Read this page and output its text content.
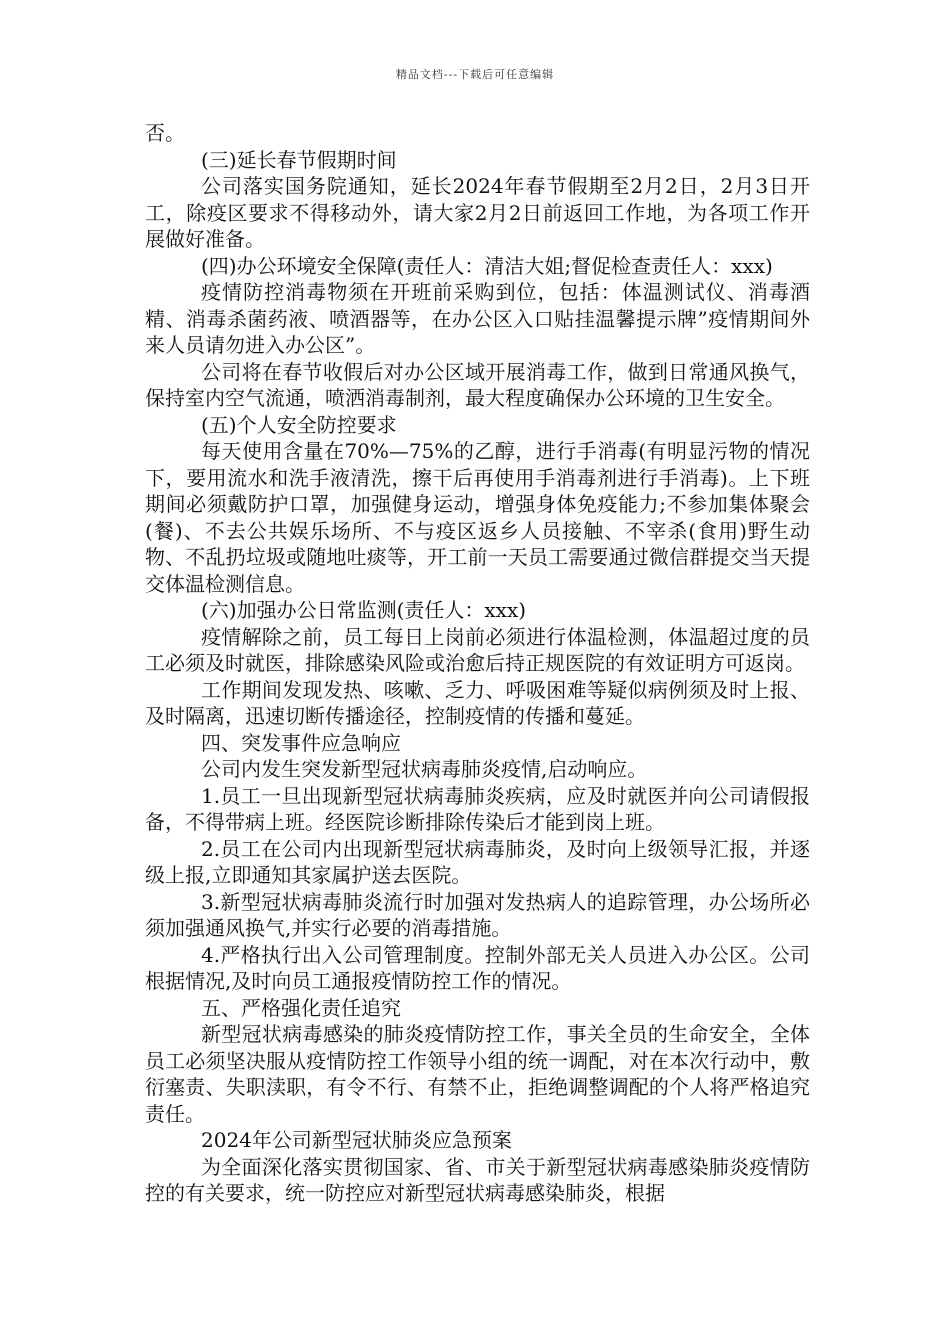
精品文档---下载后可任意编辑

否。

(三)延长春节假期时间

公司落实国务院通知，延长2024年春节假期至2月2日，2月3日开工，除疫区要求不得移动外，请大家2月2日前返回工作地，为各项工作开展做好准备。

(四)办公环境安全保障(责任人：清洁大姐;督促检查责任人：xxx)

疫情防控消毒物须在开班前采购到位，包括：体温测试仪、消毒酒精、消毒杀菌药液、喷酒器等，在办公区入口贴挂温馨提示牌”疫情期间外来人员请勿进入办公区”。

公司将在春节收假后对办公区域开展消毒工作，做到日常通风换气，保持室内空气流通，喷洒消毒制剂，最大程度确保办公环境的卫生安全。

(五)个人安全防控要求

每天使用含量在70%—75%的乙醇，进行手消毒(有明显污物的情况下，要用流水和洗手液清洗，擦干后再使用手消毒剂进行手消毒)。上下班期间必须戴防护口罩，加强健身运动，增强身体免疫能力;不参加集体聚会(餐)、不去公共娱乐场所、不与疫区返乡人员接触、不宰杀(食用)野生动物、不乱扔垃圾或随地吐痰等，开工前一天员工需要通过微信群提交当天提交体温检测信息。

(六)加强办公日常监测(责任人：xxx)

疫情解除之前，员工每日上岗前必须进行体温检测，体温超过度的员工必须及时就医，排除感染风险或治愈后持正规医院的有效证明方可返岗。

工作期间发现发热、咳嗽、乏力、呼吸困难等疑似病例须及时上报、及时隔离，迅速切断传播途径，控制疫情的传播和蔓延。

四、突发事件应急响应

公司内发生突发新型冠状病毒肺炎疫情,启动响应。

1.员工一旦出现新型冠状病毒肺炎疾病，应及时就医并向公司请假报备，不得带病上班。经医院诊断排除传染后才能到岗上班。

2.员工在公司内出现新型冠状病毒肺炎，及时向上级领导汇报，并逐级上报,立即通知其家属护送去医院。

3.新型冠状病毒肺炎流行时加强对发热病人的追踪管理，办公场所必须加强通风换气,并实行必要的消毒措施。

4.严格执行出入公司管理制度。控制外部无关人员进入办公区。公司根据情况,及时向员工通报疫情防控工作的情况。

五、严格强化责任追究

新型冠状病毒感染的肺炎疫情防控工作，事关全员的生命安全，全体员工必须坚决服从疫情防控工作领导小组的统一调配，对在本次行动中，敷衍塞责、失职渎职，有令不行、有禁不止，拒绝调整调配的个人将严格追究责任。

2024年公司新型冠状肺炎应急预案

为全面深化落实贯彻国家、省、市关于新型冠状病毒感染肺炎疫情防控的有关要求，统一防控应对新型冠状病毒感染肺炎，根据
